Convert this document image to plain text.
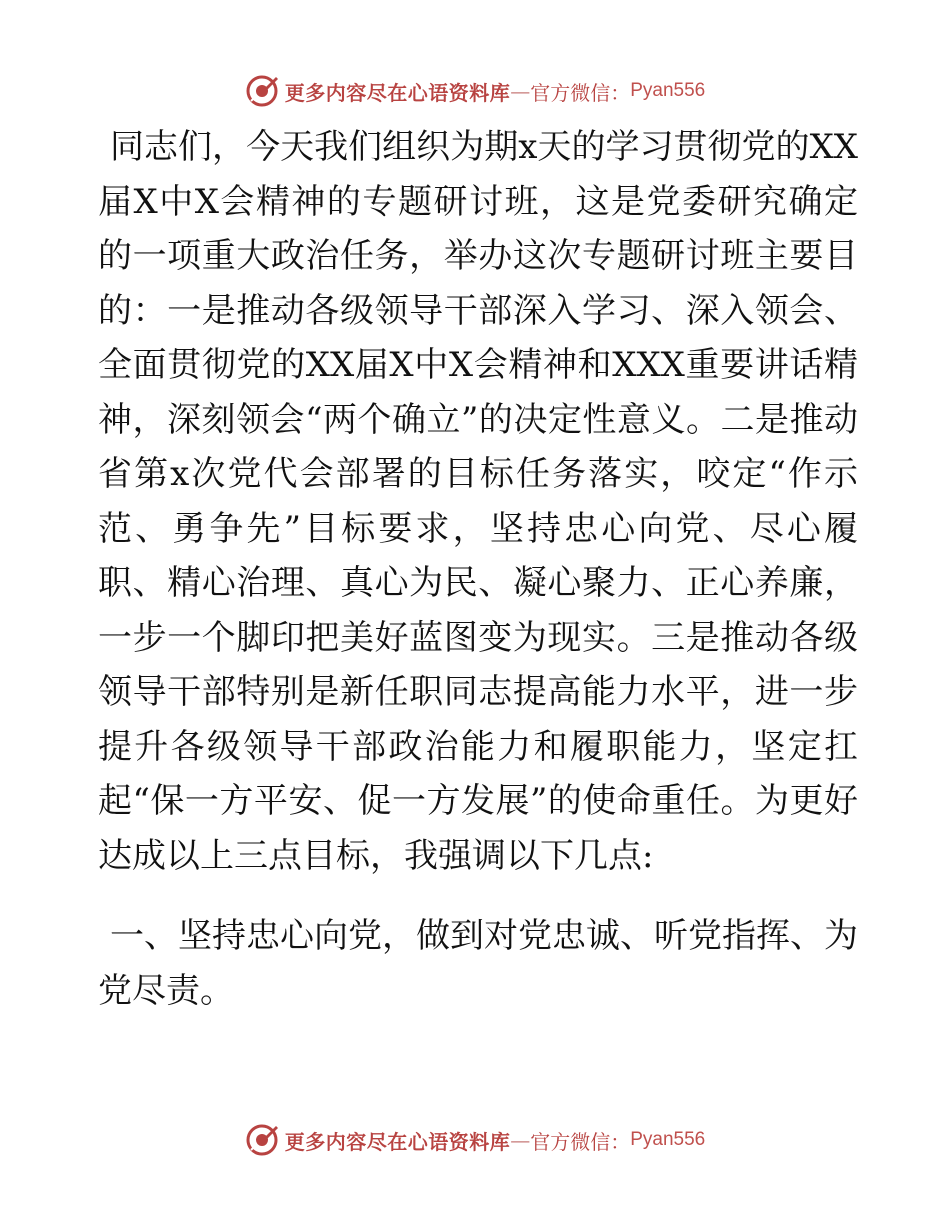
更多内容尽在心语资料库 — 官方微信： Pyan556

同志们，今天我们组织为期x天的学习贯彻党的XX届X中X会精神的专题研讨班，这是党委研究确定的一项重大政治任务，举办这次专题研讨班主要目的：一是推动各级领导干部深入学习、深入领会、全面贯彻党的XX届X中X会精神和XXX重要讲话精神，深刻领会“两个确立”的决定性意义。二是推动省第x次党代会部署的目标任务落实，咬定“作示范、勇争先”目标要求，坚持忠心向党、尽心履职、精心治理、真心为民、凝心聚力、正心养廉，一步一个脚印把美好蓝图变为现实。三是推动各级领导干部特别是新任职同志提高能力水平，进一步提升各级领导干部政治能力和履职能力，坚定扛起“保一方平安、促一方发展”的使命重任。为更好达成以上三点目标，我强调以下几点:

一、坚持忠心向党，做到对党忠诚、听党指挥、为党尽责。

更多内容尽在心语资料库 — 官方微信： Pyan556
